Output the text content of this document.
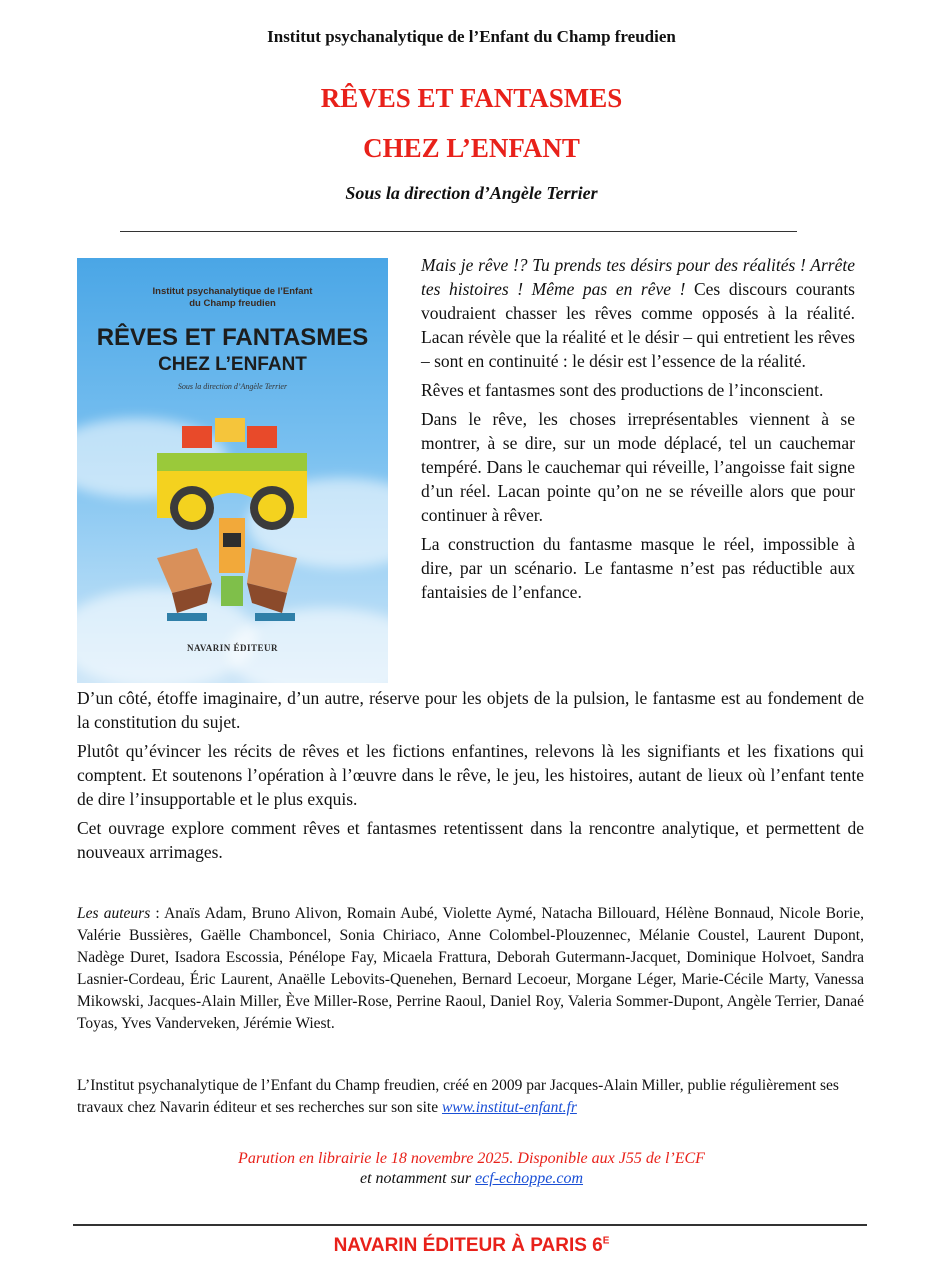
Institut psychanalytique de l’Enfant du Champ freudien
RÊVES ET FANTASMES
CHEZ L’ENFANT
Sous la direction d’Angèle Terrier
Institut psychanalytique de l’Enfant
du Champ freudien
RÊVES ET FANTASMES
CHEZ L’ENFANT
Sous la direction d’Angèle Terrier
NAVARIN ÉDITEUR

Mais je rêve !? Tu prends tes désirs pour des réalités ! Arrête tes histoires ! Même pas en rêve ! Ces discours courants voudraient chasser les rêves comme opposés à la réalité. Lacan révèle que la réalité et le désir – qui entretient les rêves – sont en continuité : le désir est l’essence de la réalité.

Rêves et fantasmes sont des productions de l’inconscient.

Dans le rêve, les choses irreprésentables viennent à se montrer, à se dire, sur un mode déplacé, tel un cauchemar tempéré. Dans le cauchemar qui réveille, l’angoisse fait signe d’un réel. Lacan pointe qu’on ne se réveille alors que pour continuer à rêver.

La construction du fantasme masque le réel, impossible à dire, par un scénario. Le fantasme n’est pas réductible aux fantaisies de l’enfance.

D’un côté, étoffe imaginaire, d’un autre, réserve pour les objets de la pulsion, le fantasme est au fondement de la constitution du sujet.

Plutôt qu’évincer les récits de rêves et les fictions enfantines, relevons là les signifiants et les fixations qui comptent. Et soutenons l’opération à l’œuvre dans le rêve, le jeu, les histoires, autant de lieux où l’enfant tente de dire l’insupportable et le plus exquis.

Cet ouvrage explore comment rêves et fantasmes retentissent dans la rencontre analytique, et permettent de nouveaux arrimages.

Les auteurs : Anaïs Adam, Bruno Alivon, Romain Aubé, Violette Aymé, Natacha Billouard, Hélène Bonnaud, Nicole Borie, Valérie Bussières, Gaëlle Chamboncel, Sonia Chiriaco, Anne Colombel-Plouzennec, Mélanie Coustel, Laurent Dupont, Nadège Duret, Isadora Escossia, Pénélope Fay, Micaela Frattura, Deborah Gutermann-Jacquet, Dominique Holvoet, Sandra Lasnier-Cordeau, Éric Laurent, Anaëlle Lebovits-Quenehen, Bernard Lecoeur, Morgane Léger, Marie-Cécile Marty, Vanessa Mikowski, Jacques-Alain Miller, Ève Miller-Rose, Perrine Raoul, Daniel Roy, Valeria Sommer-Dupont, Angèle Terrier, Danaé Toyas, Yves Vanderveken, Jérémie Wiest.
L’Institut psychanalytique de l’Enfant du Champ freudien, créé en 2009 par Jacques-Alain Miller, publie régulièrement ses travaux chez Navarin éditeur et ses recherches sur son site www.institut-enfant.fr
Parution en librairie le 18 novembre 2025. Disponible aux J55 de l’ECF
et notamment sur ecf-echoppe.com
NAVARIN ÉDITEUR À PARIS $6^E$
